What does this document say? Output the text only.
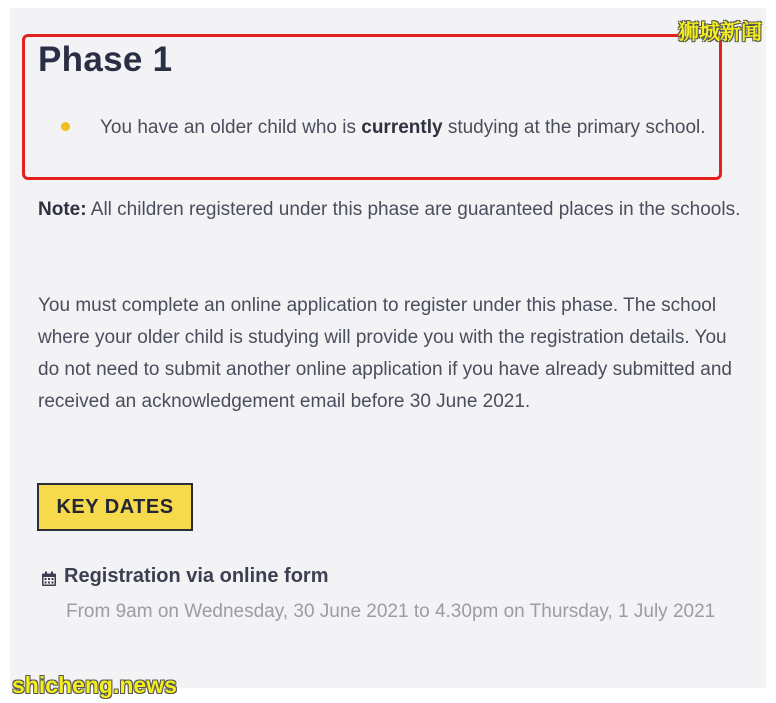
Phase 1
You have an older child who is currently studying at the primary school.
Note: All children registered under this phase are guaranteed places in the schools.
You must complete an online application to register under this phase. The school where your older child is studying will provide you with the registration details. You do not need to submit another online application if you have already submitted and received an acknowledgement email before 30 June 2021.
KEY DATES
Registration via online form
From 9am on Wednesday, 30 June 2021 to 4.30pm on Thursday, 1 July 2021
狮城新闻
shicheng.news
